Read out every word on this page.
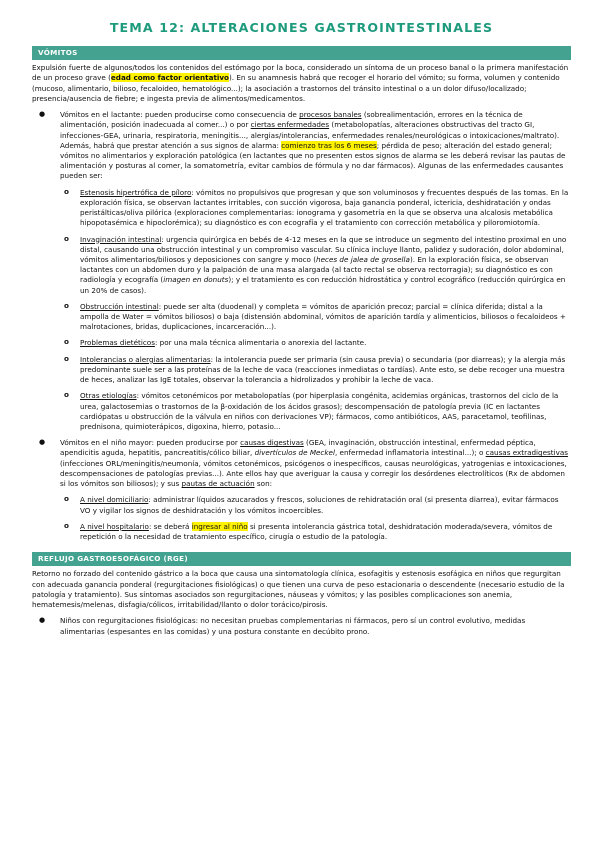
TEMA 12: ALTERACIONES GASTROINTESTINALES
VÓMITOS

Expulsión fuerte de algunos/todos los contenidos del estómago por la boca, considerado un síntoma de un proceso banal o la primera manifestación de un proceso grave (edad como factor orientativo). En su anamnesis habrá que recoger el horario del vómito; su forma, volumen y contenido (mucoso, alimentario, bilioso, fecaloideo, hematológico...); la asociación a trastornos del tránsito intestinal o a un dolor difuso/localizado; presencia/ausencia de fiebre; e ingesta previa de alimentos/medicamentos.

● Vómitos en el lactante: pueden producirse como consecuencia de procesos banales (sobrealimentación, errores en la técnica de alimentación, posición inadecuada al comer...) o por ciertas enfermedades (metabolopatías, alteraciones obstructivas del tracto GI, infecciones-GEA, urinaria, respiratoria, meningitis..., alergias/intolerancias, enfermedades renales/neurológicas o intoxicaciones/maltrato). Además, habrá que prestar atención a sus signos de alarma: comienzo tras los 6 meses; pérdida de peso; alteración del estado general; vómitos no alimentarios y exploración patológica (en lactantes que no presenten estos signos de alarma se les deberá revisar las pautas de alimentación y posturas al comer, la somatometría, evitar cambios de fórmula y no dar fármacos). Algunas de las enfermedades causantes pueden ser:
o Estenosis hipertrófica de píloro: vómitos no propulsivos que progresan y que son voluminosos y frecuentes después de las tomas. En la exploración física, se observan lactantes irritables, con succión vigorosa, baja ganancia ponderal, ictericia, deshidratación y ondas peristálticas/oliva pilórica (exploraciones complementarias: ionograma y gasometría en la que se observa una alcalosis metabólica hipopotasémica e hipoclorémica); su diagnóstico es con ecografía y el tratamiento con corrección metabólica y piloromiotomía.
o Invaginación intestinal: urgencia quirúrgica en bebés de 4-12 meses en la que se introduce un segmento del intestino proximal en uno distal, causando una obstrucción intestinal y un compromiso vascular. Su clínica incluye llanto, palidez y sudoración, dolor abdominal, vómitos alimentarios/biliosos y deposiciones con sangre y moco (heces de jalea de grosella). En la exploración física, se observan lactantes con un abdomen duro y la palpación de una masa alargada (al tacto rectal se observa rectorragia); su diagnóstico es con radiología y ecografía (imagen en donuts); y el tratamiento es con reducción hidrostática y control ecográfico (reducción quirúrgica en un 20% de casos).
o Obstrucción intestinal: puede ser alta (duodenal) y completa = vómitos de aparición precoz; parcial = clínica diferida; distal a la ampolla de Water = vómitos biliosos) o baja (distensión abdominal, vómitos de aparición tardía y alimenticios, biliosos o fecaloideos + malrotaciones, bridas, duplicaciones, incarceración...).
o Problemas dietéticos: por una mala técnica alimentaria o anorexia del lactante.
o Intolerancias o alergias alimentarias: la intolerancia puede ser primaria (sin causa previa) o secundaria (por diarreas); y la alergia más predominante suele ser a las proteínas de la leche de vaca (reacciones inmediatas o tardías). Ante esto, se debe recoger una muestra de heces, analizar las IgE totales, observar la tolerancia a hidrolizados y prohibir la leche de vaca.
o Otras etiologías: vómitos cetonémicos por metabolopatías (por hiperplasia congénita, acidemias orgánicas, trastornos del ciclo de la urea, galactosemias o trastornos de la β-oxidación de los ácidos grasos); descompensación de patología previa (IC en lactantes cardiópatas u obstrucción de la válvula en niños con derivaciones VP); fármacos, como antibióticos, AAS, paracetamol, teofilinas, prednisona, quimioterápicos, digoxina, hierro, potasio...
● Vómitos en el niño mayor: pueden producirse por causas digestivas (GEA, invaginación, obstrucción intestinal, enfermedad péptica, apendicitis aguda, hepatitis, pancreatitis/cólico biliar, divertículos de Meckel, enfermedad inflamatoria intestinal...); o causas extradigestivas (infecciones ORL/meningitis/neumonía, vómitos cetonémicos, psicógenos o inespecíficos, causas neurológicas, yatrogenias e intoxicaciones, descompensaciones de patologías previas...). Ante ellos hay que averiguar la causa y corregir los desórdenes electrolíticos (Rx de abdomen si los vómitos son biliosos); y sus pautas de actuación son:
o A nivel domiciliario: administrar líquidos azucarados y frescos, soluciones de rehidratación oral (si presenta diarrea), evitar fármacos VO y vigilar los signos de deshidratación y los vómitos incoercibles.
o A nivel hospitalario: se deberá ingresar al niño si presenta intolerancia gástrica total, deshidratación moderada/severa, vómitos de repetición o la necesidad de tratamiento específico, cirugía o estudio de la patología.
REFLUJO GASTROESOFÁGICO (RGE)

Retorno no forzado del contenido gástrico a la boca que causa una sintomatología clínica, esofagitis y estenosis esofágica en niños que regurgitan con adecuada ganancia ponderal (regurgitaciones fisiológicas) o que tienen una curva de peso estacionaria o descendente (necesario estudio de la patología y tratamiento). Sus síntomas asociados son regurgitaciones, náuseas y vómitos; y las posibles complicaciones son anemia, hematemesis/melenas, disfagia/cólicos, irritabilidad/llanto o dolor torácico/pirosis.

● Niños con regurgitaciones fisiológicas: no necesitan pruebas complementarias ni fármacos, pero sí un control evolutivo, medidas alimentarias (espesantes en las comidas) y una postura constante en decúbito prono.
